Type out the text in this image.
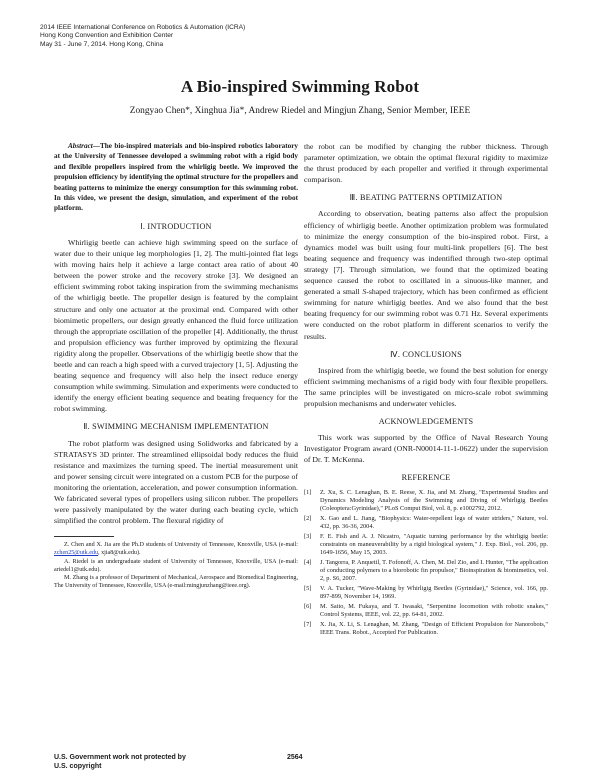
2014 IEEE International Conference on Robotics & Automation (ICRA)
Hong Kong Convention and Exhibition Center
May 31 - June 7, 2014. Hong Kong, China
A Bio-inspired Swimming Robot
Zongyao Chen*, Xinghua Jia*, Andrew Riedel and Mingjun Zhang, Senior Member, IEEE

Abstract—The bio-inspired materials and bio-inspired robotics laboratory at the University of Tennessee developed a swimming robot with a rigid body and flexible propellers inspired from the whirligig beetle. We improved the propulsion efficiency by identifying the optimal structure for the propellers and beating patterns to minimize the energy consumption for this swimming robot. In this video, we present the design, simulation, and experiment of the robot platform.

Ⅰ. INTRODUCTION

Whirligig beetle can achieve high swimming speed on the surface of water due to their unique leg morphologies [1, 2]. The multi-jointed flat legs with moving hairs help it achieve a large contact area ratio of about 40 between the power stroke and the recovery stroke [3]. We designed an efficient swimming robot taking inspiration from the swimming mechanisms of the whirligig beetle. The propeller design is featured by the complaint structure and only one actuator at the proximal end. Compared with other biomimetic propellers, our design greatly enhanced the fluid force utilization through the appropriate oscillation of the propeller [4]. Additionally, the thrust and propulsion efficiency was further improved by optimizing the flexural rigidity along the propeller. Observations of the whirligig beetle show that the beetle and can reach a high speed with a curved trajectory [1, 5]. Adjusting the beating sequence and frequency will also help the insect reduce energy consumption while swimming. Simulation and experiments were conducted to identify the energy efficient beating sequence and beating frequency for the robot swimming.

Ⅱ. SWIMMING MECHANISM IMPLEMENTATION

The robot platform was designed using Solidworks and fabricated by a STRATASYS 3D printer. The streamlined ellipsoidal body reduces the fluid resistance and maximizes the turning speed. The inertial measurement unit and power sensing circuit were integrated on a custom PCB for the purpose of monitoring the orientation, acceleration, and power consumption information. We fabricated several types of propellers using silicon rubber. The propellers were passively manipulated by the water during each beating cycle, which simplified the control problem. The flexural rigidity of

Z. Chen and X. Jia are the Ph.D students of University of Tennessee, Knoxville, USA (e-mail: zchen25@utk.edu, xjia8@utk.edu).

A. Riedel is an undergraduate student of University of Tennessee, Knoxville, USA (e-mail: ariedel1@utk.edu).

M. Zhang is a professor of Department of Mechanical, Aerospace and Biomedical Engineering, The University of Tennessee, Knoxville, USA (e-mail:mingjunzhang@ieee.org).

the robot can be modified by changing the rubber thickness. Through parameter optimization, we obtain the optimal flexural rigidity to maximize the thrust produced by each propeller and verified it through experimental comparison.

Ⅲ. BEATING PATTERNS OPTIMIZATION

According to observation, beating patterns also affect the propulsion efficiency of whirligig beetle. Another optimization problem was formulated to minimize the energy consumption of the bio-inspired robot. First, a dynamics model was built using four multi-link propellers [6]. The best beating sequence and frequency was indentified through two-step optimal strategy [7]. Through simulation, we found that the optimized beating sequence caused the robot to oscillated in a sinuous-like manner, and generated a small S-shaped trajectory, which has been confirmed as efficient swimming for nature whirligig beetles. And we also found that the best beating frequency for our swimming robot was 0.71 Hz. Several experiments were conducted on the robot platform in different scenarios to verify the results.

Ⅳ. CONCLUSIONS

Inspired from the whirligig beetle, we found the best solution for energy efficient swimming mechanisms of a rigid body with four flexible propellers. The same principles will be investigated on micro-scale robot swimming propulsion mechanisms and underwater vehicles.

ACKNOWLEDGEMENTS

This work was supported by the Office of Naval Research Young Investigator Program award (ONR-N00014-11-1-0622) under the supervision of Dr. T. McKenna.

REFERENCE
[1]	Z. Xu, S. C. Lenaghan, B. E. Reese, X. Jia, and M. Zhang, "Experimental Studies and Dynamics Modeling Analysis of the Swimming and Diving of Whirligig Beetles (Coleoptera:Gyrinidae)," PLoS Comput Biol, vol. 8, p. e1002792, 2012.
[2]	X. Gao and L. Jiang, "Biophysics: Water-repellent legs of water striders," Nature, vol. 432, pp. 36-36, 2004.
[3]	F. E. Fish and A. J. Nicastro, "Aquatic turning performance by the whirligig beetle: constraints on maneuverability by a rigid biological system," J. Exp. Biol., vol. 206, pp. 1649-1656, May 15, 2003.
[4]	J. Tangorra, P. Anquetil, T. Fofonoff, A. Chen, M. Del Zio, and I. Hunter, "The application of conducting polymers to a biorobotic fin propulsor," Bioinspiration & biomimetics, vol. 2, p. S6, 2007.
[5]	V. A. Tucker, "Wave-Making by Whirligig Beetles (Gyrinidae)," Science, vol. 166, pp. 897-899, November 14, 1969.
[6]	M. Saito, M. Fukaya, and T. Iwasaki, "Serpentine locomotion with robotic snakes," Control Systems, IEEE, vol. 22, pp. 64-81, 2002.
[7]	X. Jia, X. Li, S. Lenaghan, M. Zhang, "Design of Efficient Propulsion for Nanorobots," IEEE Trans. Robot., Accepted For Publication.
U.S. Government work not protected by
U.S. copyright
2564
